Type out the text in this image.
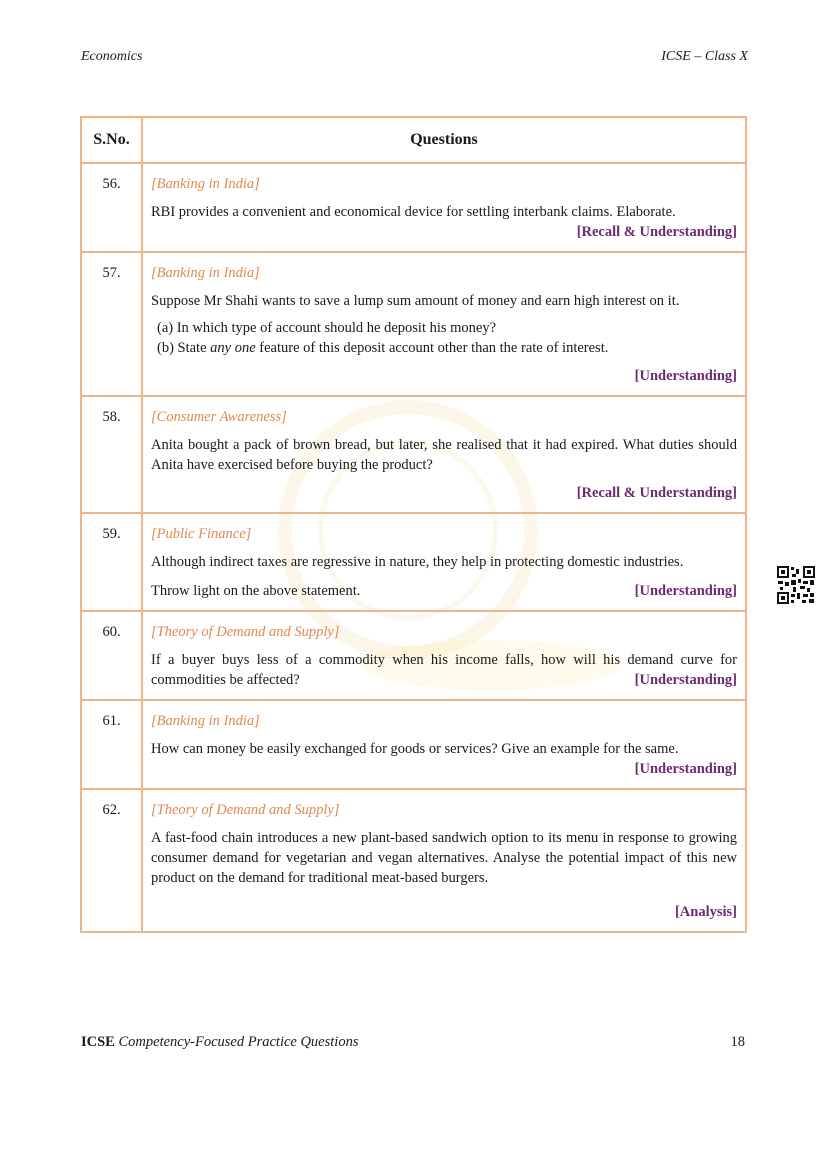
Economics	ICSE – Class X
S.No.	Questions
56.	[Banking in India]
RBI provides a convenient and economical device for settling interbank claims. Elaborate.
[Recall & Understanding]

57.	[Banking in India]
Suppose Mr Shahi wants to save a lump sum amount of money and earn high interest on it.
(a) In which type of account should he deposit his money?
(b) State any one feature of this deposit account other than the rate of interest.
[Understanding]

58.	[Consumer Awareness]
Anita bought a pack of brown bread, but later, she realised that it had expired. What duties should Anita have exercised before buying the product?
[Recall & Understanding]

59.	[Public Finance]
Although indirect taxes are regressive in nature, they help in protecting domestic industries.
Throw light on the above statement. [Understanding]

60.	[Theory of Demand and Supply]
If a buyer buys less of a commodity when his income falls, how will his demand curve for commodities be affected? [Understanding]

61.	[Banking in India]
How can money be easily exchanged for goods or services? Give an example for the same.
[Understanding]

62.	[Theory of Demand and Supply]
A fast-food chain introduces a new plant-based sandwich option to its menu in response to growing consumer demand for vegetarian and vegan alternatives. Analyse the potential impact of this new product on the demand for traditional meat-based burgers.
[Analysis]
ICSE Competency-Focused Practice Questions	18
